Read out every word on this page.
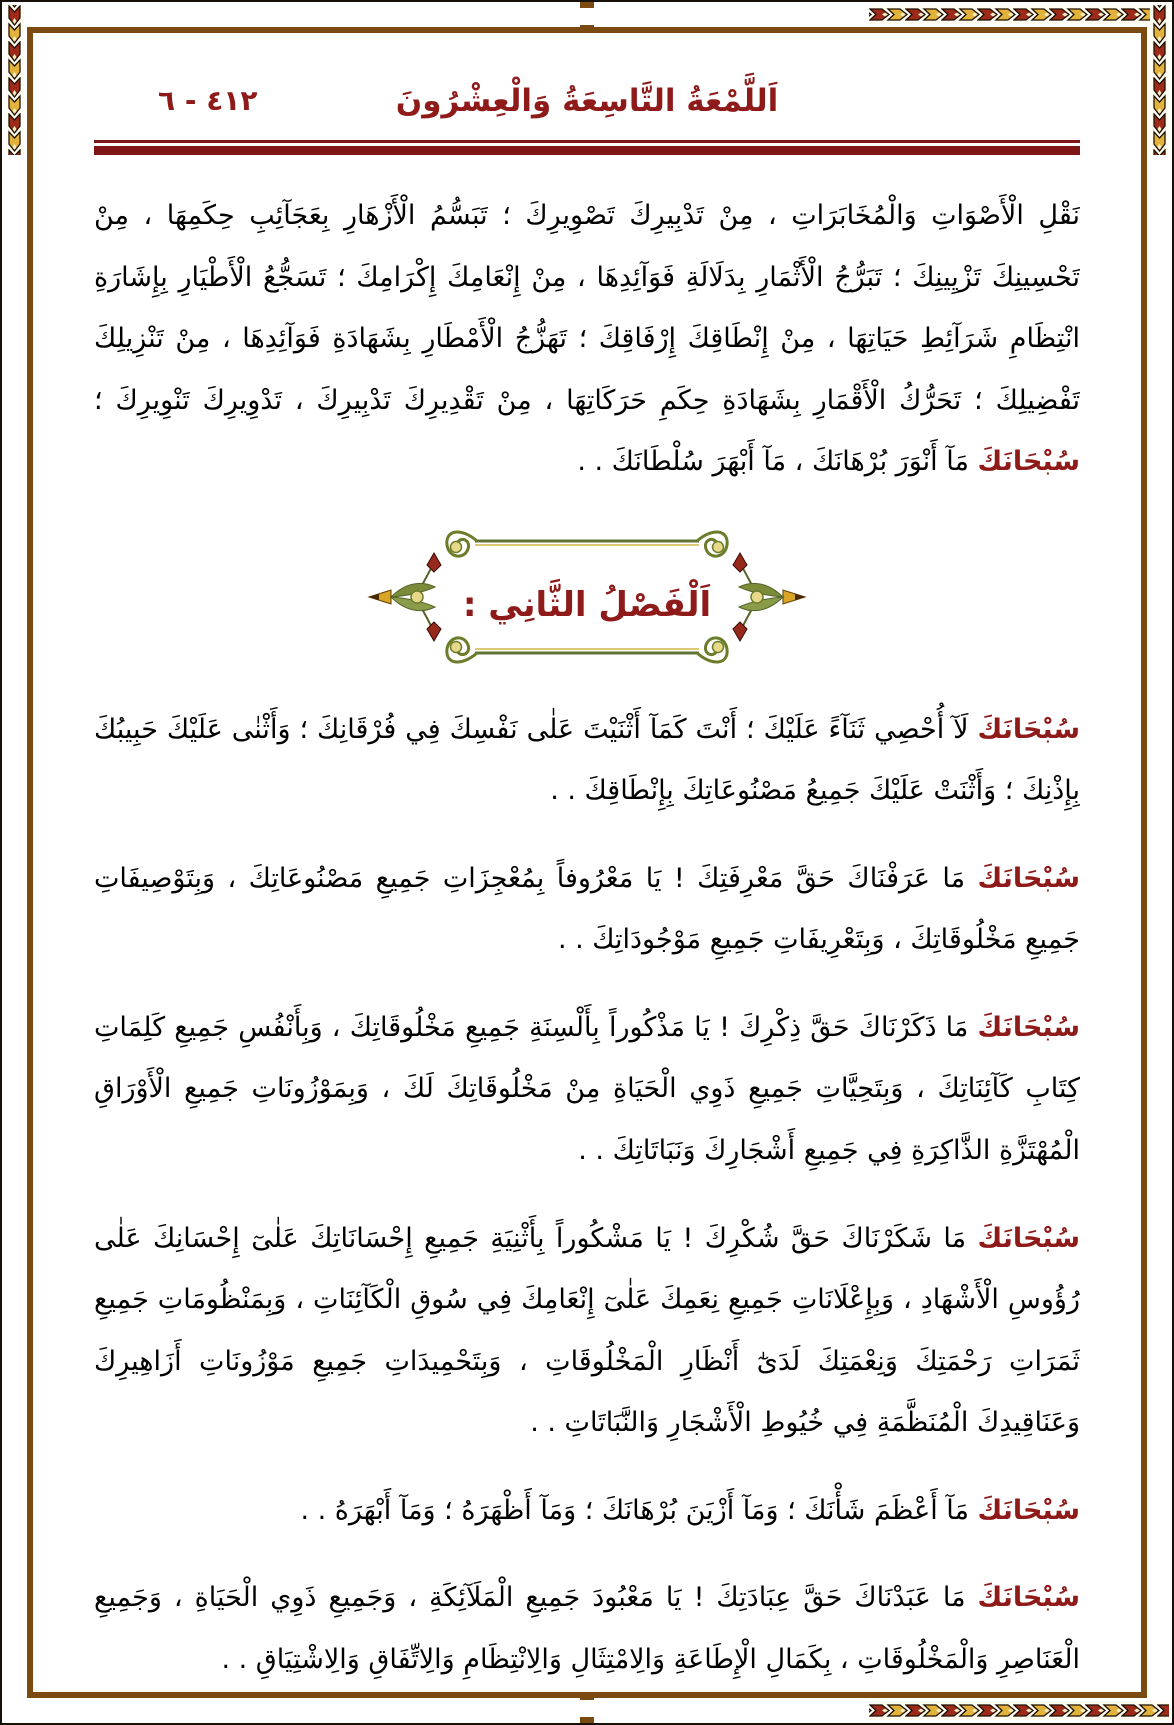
اَللَّمْعَةُ التَّاسِعَةُ وَالْعِشْرُونَ
٤١٢ - ٦

نَقْلِ الْأَصْوَاتِ وَالْمُخَابَرَاتِ ، مِنْ تَدْبِيرِكَ تَصْوِيرِكَ ؛ تَبَسُّمُ الْأَزْهَارِ بِعَجَآئِبِ حِكَمِهَا ، مِنْ تَحْسِينِكَ تَزْيِينِكَ ؛ تَبَرُّجُ الْأَثْمَارِ بِدَلَالَةِ فَوَآئِدِهَا ، مِنْ إِنْعَامِكَ إِكْرَامِكَ ؛ تَسَجُّعُ الْأَطْيَارِ بِإِشَارَةِ انْتِظَامِ شَرَآئِطِ حَيَاتِهَا ، مِنْ إِنْطَاقِكَ إِرْفَاقِكَ ؛ تَهَزُّجُ الْأَمْطَارِ بِشَهَادَةِ فَوَآئِدِهَا ، مِنْ تَنْزِيلِكَ تَفْضِيلِكَ ؛ تَحَرُّكُ الْأَقْمَارِ بِشَهَادَةِ حِكَمِ حَرَكَاتِهَا ، مِنْ تَقْدِيرِكَ تَدْبِيرِكَ ، تَدْوِيرِكَ تَنْوِيرِكَ ؛ سُبْحَانَكَ مَآ أَنْوَرَ بُرْهَانَكَ ، مَآ أَبْهَرَ سُلْطَانَكَ . .

اَلْفَصْلُ الثَّانِي :

سُبْحَانَكَ لَآ أُحْصِي ثَنَآءً عَلَيْكَ ؛ أَنْتَ كَمَآ أَثْنَيْتَ عَلٰى نَفْسِكَ فِي فُرْقَانِكَ ؛ وَأَثْنٰى عَلَيْكَ حَبِيبُكَ بِإِذْنِكَ ؛ وَأَثْنَتْ عَلَيْكَ جَمِيعُ مَصْنُوعَاتِكَ بِإِنْطَاقِكَ . .

سُبْحَانَكَ مَا عَرَفْنَاكَ حَقَّ مَعْرِفَتِكَ ! يَا مَعْرُوفاً بِمُعْجِزَاتِ جَمِيعِ مَصْنُوعَاتِكَ ، وَبِتَوْصِيفَاتِ جَمِيعِ مَخْلُوقَاتِكَ ، وَبِتَعْرِيفَاتِ جَمِيعِ مَوْجُودَاتِكَ . .

سُبْحَانَكَ مَا ذَكَرْنَاكَ حَقَّ ذِكْرِكَ ! يَا مَذْكُوراً بِأَلْسِنَةِ جَمِيعِ مَخْلُوقَاتِكَ ، وَبِأَنْفُسِ جَمِيعِ كَلِمَاتِ كِتَابِ كَآئِنَاتِكَ ، وَبِتَحِيَّاتِ جَمِيعِ ذَوِي الْحَيَاةِ مِنْ مَخْلُوقَاتِكَ لَكَ ، وَبِمَوْزُونَاتِ جَمِيعِ الْأَوْرَاقِ الْمُهْتَزَّةِ الذَّاكِرَةِ فِي جَمِيعِ أَشْجَارِكَ وَنَبَاتَاتِكَ . .

سُبْحَانَكَ مَا شَكَرْنَاكَ حَقَّ شُكْرِكَ ! يَا مَشْكُوراً بِأَثْنِيَةِ جَمِيعِ إِحْسَانَاتِكَ عَلٰىٓ إِحْسَانِكَ عَلٰى رُؤُوسِ الْأَشْهَادِ ، وَبِإِعْلَانَاتِ جَمِيعِ نِعَمِكَ عَلٰىٓ إِنْعَامِكَ فِي سُوقِ الْكَآئِنَاتِ ، وَبِمَنْظُومَاتِ جَمِيعِ ثَمَرَاتِ رَحْمَتِكَ وَنِعْمَتِكَ لَدَىٰٓ أَنْظَارِ الْمَخْلُوقَاتِ ، وَبِتَحْمِيدَاتِ جَمِيعِ مَوْزُونَاتِ أَزَاهِيرِكَ وَعَنَاقِيدِكَ الْمُنَظَّمَةِ فِي خُيُوطِ الْأَشْجَارِ وَالنَّبَاتَاتِ . .

سُبْحَانَكَ مَآ أَعْظَمَ شَأْنَكَ ؛ وَمَآ أَزْيَنَ بُرْهَانَكَ ؛ وَمَآ أَظْهَرَهُ ؛ وَمَآ أَبْهَرَهُ . .

سُبْحَانَكَ مَا عَبَدْنَاكَ حَقَّ عِبَادَتِكَ ! يَا مَعْبُودَ جَمِيعِ الْمَلَآئِكَةِ ، وَجَمِيعِ ذَوِي الْحَيَاةِ ، وَجَمِيعِ الْعَنَاصِرِ وَالْمَخْلُوقَاتِ ، بِكَمَالِ الْإِطَاعَةِ وَالِامْتِثَالِ وَالِانْتِظَامِ وَالِاتِّفَاقِ وَالِاشْتِيَاقِ . .
